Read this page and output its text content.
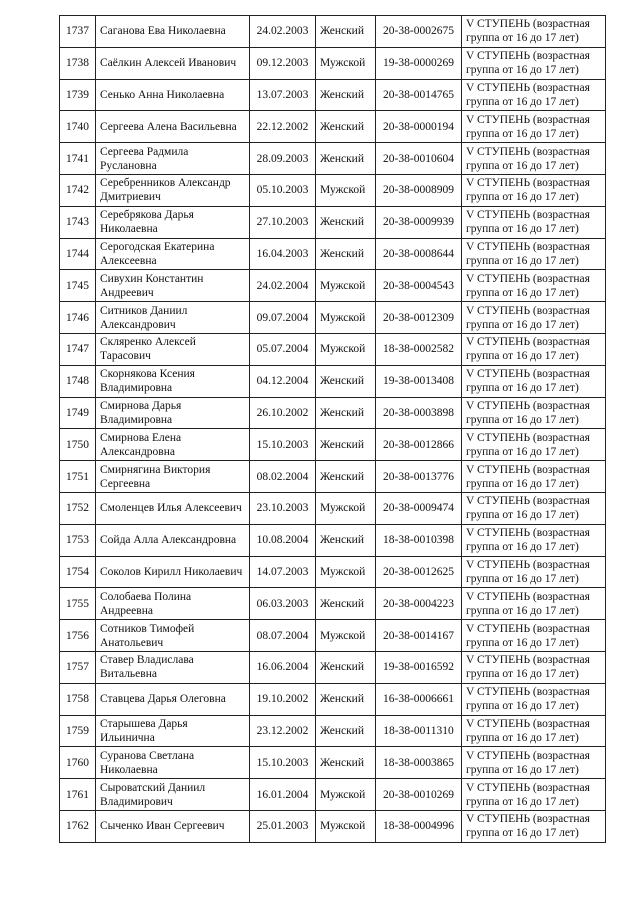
1737	Саганова Ева Николаевна	24.02.2003	Женский	20-38-0002675	V СТУПЕНЬ (возрастная группа от 16 до 17 лет)
1738	Саёлкин Алексей Иванович	09.12.2003	Мужской	19-38-0000269	V СТУПЕНЬ (возрастная группа от 16 до 17 лет)
1739	Сенько Анна Николаевна	13.07.2003	Женский	20-38-0014765	V СТУПЕНЬ (возрастная группа от 16 до 17 лет)
1740	Сергеева Алена Васильевна	22.12.2002	Женский	20-38-0000194	V СТУПЕНЬ (возрастная группа от 16 до 17 лет)
1741	Сергеева Радмила Руслановна	28.09.2003	Женский	20-38-0010604	V СТУПЕНЬ (возрастная группа от 16 до 17 лет)
1742	Серебренников Александр Дмитриевич	05.10.2003	Мужской	20-38-0008909	V СТУПЕНЬ (возрастная группа от 16 до 17 лет)
1743	Серебрякова Дарья Николаевна	27.10.2003	Женский	20-38-0009939	V СТУПЕНЬ (возрастная группа от 16 до 17 лет)
1744	Серогодская Екатерина Алексеевна	16.04.2003	Женский	20-38-0008644	V СТУПЕНЬ (возрастная группа от 16 до 17 лет)
1745	Сивухин Константин Андреевич	24.02.2004	Мужской	20-38-0004543	V СТУПЕНЬ (возрастная группа от 16 до 17 лет)
1746	Ситников Даниил Александрович	09.07.2004	Мужской	20-38-0012309	V СТУПЕНЬ (возрастная группа от 16 до 17 лет)
1747	Скляренко Алексей Тарасович	05.07.2004	Мужской	18-38-0002582	V СТУПЕНЬ (возрастная группа от 16 до 17 лет)
1748	Скорнякова Ксения Владимировна	04.12.2004	Женский	19-38-0013408	V СТУПЕНЬ (возрастная группа от 16 до 17 лет)
1749	Смирнова Дарья Владимировна	26.10.2002	Женский	20-38-0003898	V СТУПЕНЬ (возрастная группа от 16 до 17 лет)
1750	Смирнова Елена Александровна	15.10.2003	Женский	20-38-0012866	V СТУПЕНЬ (возрастная группа от 16 до 17 лет)
1751	Смирнягина Виктория Сергеевна	08.02.2004	Женский	20-38-0013776	V СТУПЕНЬ (возрастная группа от 16 до 17 лет)
1752	Смоленцев Илья Алексеевич	23.10.2003	Мужской	20-38-0009474	V СТУПЕНЬ (возрастная группа от 16 до 17 лет)
1753	Сойда Алла Александровна	10.08.2004	Женский	18-38-0010398	V СТУПЕНЬ (возрастная группа от 16 до 17 лет)
1754	Соколов Кирилл Николаевич	14.07.2003	Мужской	20-38-0012625	V СТУПЕНЬ (возрастная группа от 16 до 17 лет)
1755	Солобаева Полина Андреевна	06.03.2003	Женский	20-38-0004223	V СТУПЕНЬ (возрастная группа от 16 до 17 лет)
1756	Сотников Тимофей Анатольевич	08.07.2004	Мужской	20-38-0014167	V СТУПЕНЬ (возрастная группа от 16 до 17 лет)
1757	Ставер Владислава Витальевна	16.06.2004	Женский	19-38-0016592	V СТУПЕНЬ (возрастная группа от 16 до 17 лет)
1758	Ставцева Дарья Олеговна	19.10.2002	Женский	16-38-0006661	V СТУПЕНЬ (возрастная группа от 16 до 17 лет)
1759	Старышева Дарья Ильинична	23.12.2002	Женский	18-38-0011310	V СТУПЕНЬ (возрастная группа от 16 до 17 лет)
1760	Суранова Светлана Николаевна	15.10.2003	Женский	18-38-0003865	V СТУПЕНЬ (возрастная группа от 16 до 17 лет)
1761	Сыроватский Даниил Владимирович	16.01.2004	Мужской	20-38-0010269	V СТУПЕНЬ (возрастная группа от 16 до 17 лет)
1762	Сыченко Иван Сергеевич	25.01.2003	Мужской	18-38-0004996	V СТУПЕНЬ (возрастная группа от 16 до 17 лет)
